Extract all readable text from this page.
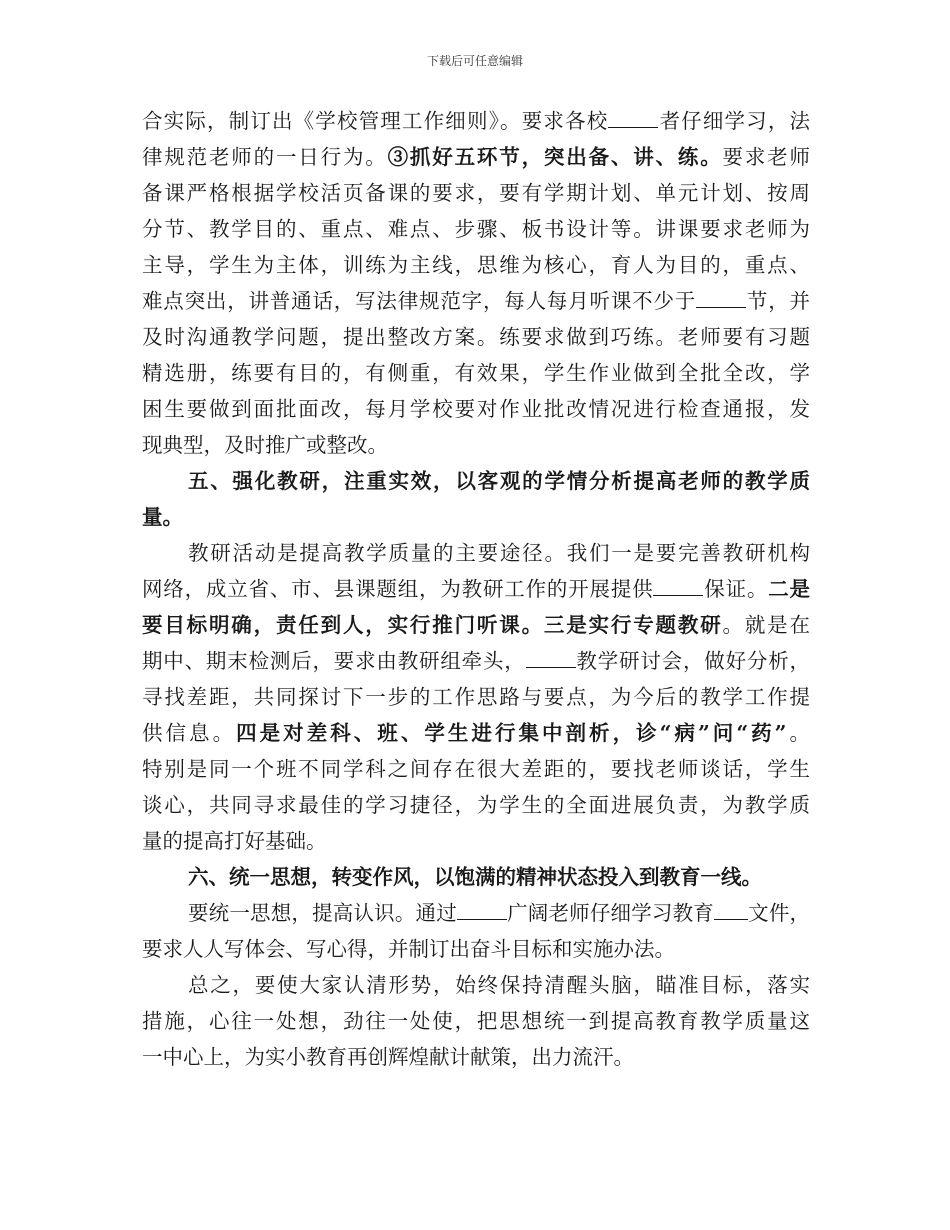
下载后可任意编辑
合实际，制订出《学校管理工作细则》。要求各校 者仔细学习，法
律规范老师的一日行为。③抓好五环节，突出备、讲、练。要求老师
备课严格根据学校活页备课的要求，要有学期计划、单元计划、按周
分节、教学目的、重点、难点、步骤、板书设计等。讲课要求老师为
主导，学生为主体，训练为主线，思维为核心，育人为目的，重点、
难点突出，讲普通话，写法律规范字，每人每月听课不少于 节，并
及时沟通教学问题，提出整改方案。练要求做到巧练。老师要有习题
精选册，练要有目的，有侧重，有效果，学生作业做到全批全改，学
困生要做到面批面改，每月学校要对作业批改情况进行检查通报，发
现典型，及时推广或整改。
五、强化教研，注重实效，以客观的学情分析提高老师的教学质
量。
教研活动是提高教学质量的主要途径。我们一是要完善教研机构
网络，成立省、市、县课题组，为教研工作的开展提供 保证。二是
要目标明确，责任到人，实行推门听课。三是实行专题教研。就是在
期中、期末检测后，要求由教研组牵头， 教学研讨会，做好分析，
寻找差距，共同探讨下一步的工作思路与要点，为今后的教学工作提
供信息。四是对差科、班、学生进行集中剖析，诊“病”问“药”。
特别是同一个班不同学科之间存在很大差距的，要找老师谈话，学生
谈心，共同寻求最佳的学习捷径，为学生的全面进展负责，为教学质
量的提高打好基础。
六、统一思想，转变作风，以饱满的精神状态投入到教育一线。
要统一思想，提高认识。通过 广阔老师仔细学习教育 文件，
要求人人写体会、写心得，并制订出奋斗目标和实施办法。
总之，要使大家认清形势，始终保持清醒头脑，瞄准目标，落实
措施，心往一处想，劲往一处使，把思想统一到提高教育教学质量这
一中心上，为实小教育再创辉煌献计献策，出力流汗。
